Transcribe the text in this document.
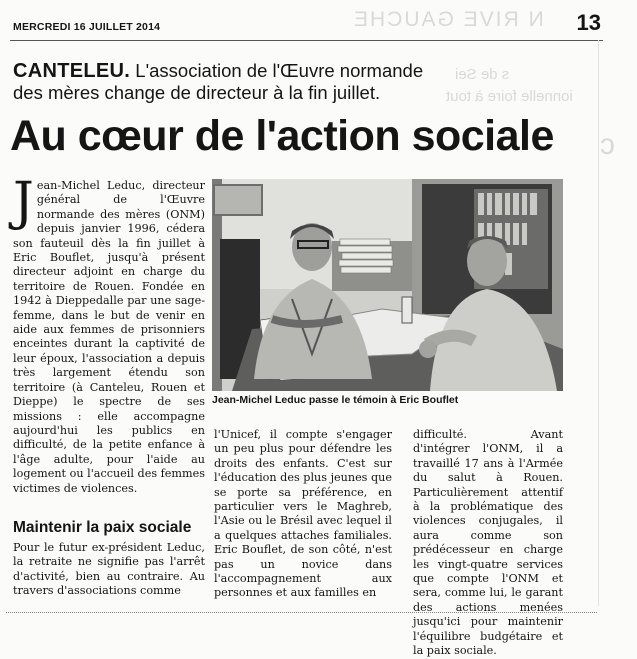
N RIVE GAUCHE
s de Sei
ionnelle foire à tout
c
MERCREDI 16 JUILLET 2014	13
CANTELEU. L'association de l'Œuvre normande des mères change de directeur à la fin juillet.
Au cœur de l'action sociale
J ean-Michel Leduc, directeur général de l'Œuvre normande des mères (ONM) depuis janvier 1996, cédera son fauteuil dès la fin juillet à Eric Bouflet, jusqu'à présent directeur adjoint en charge du territoire de Rouen. Fondée en 1942 à Dieppedalle par une sage-femme, dans le but de venir en aide aux femmes de prisonniers enceintes durant la captivité de leur époux, l'association a depuis très largement étendu son territoire (à Canteleu, Rouen et Dieppe) le spectre de ses missions : elle accompagne aujourd'hui les publics en difficulté, de la petite enfance à l'âge adulte, pour l'aide au logement ou l'accueil des femmes victimes de violences.

Maintenir la paix sociale

Pour le futur ex-président Leduc, la retraite ne signifie pas l'arrêt d'activité, bien au contraire. Au travers d'associations comme

Jean-Michel Leduc passe le témoin à Eric Bouflet

l'Unicef, il compte s'engager un peu plus pour défendre les droits des enfants. C'est sur l'éducation des plus jeunes que se porte sa préférence, en particulier vers le Maghreb, l'Asie ou le Brésil avec lequel il a quelques attaches familiales. Eric Bouflet, de son côté, n'est pas un novice dans l'accompagnement aux personnes et aux familles en

difficulté. Avant d'intégrer l'ONM, il a travaillé 17 ans à l'Armée du salut à Rouen. Particulièrement attentif à la problématique des violences conjugales, il aura comme son prédécesseur en charge les vingt-quatre services que compte l'ONM et sera, comme lui, le garant des actions menées jusqu'ici pour maintenir l'équilibre budgétaire et la paix sociale.
